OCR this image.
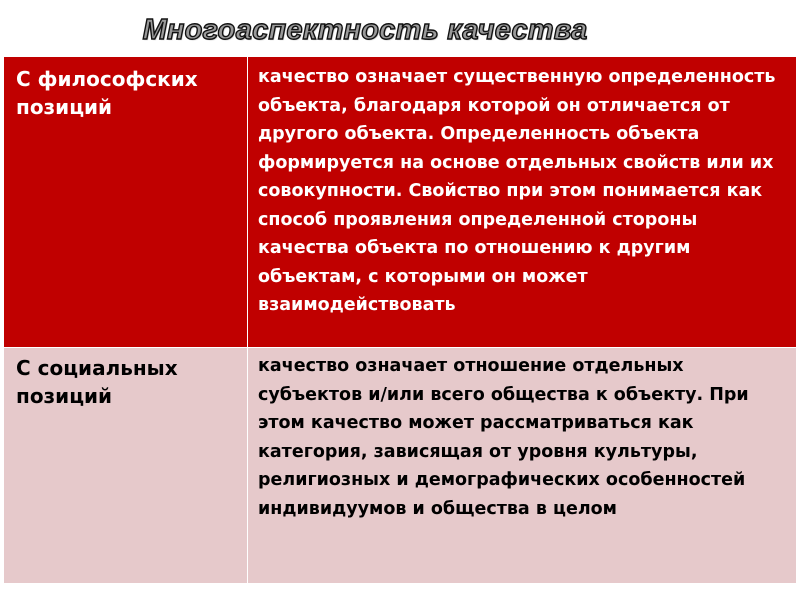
Многоаспектность качества
С философских позиций	качество означает существенную определенность объекта, благодаря которой он отличается от другого объекта. Определенность объекта формируется на основе отдельных свойств или их совокупности. Свойство при этом понимается как способ проявления определенной стороны качества объекта по отношению к другим объектам, с которыми он может взаимодействовать

С социальных позиций	качество означает отношение отдельных субъектов и/или всего общества к объекту. При этом качество может рассматриваться как категория, зависящая от уровня культуры, религиозных и демографических особенностей индивидуумов и общества в целом
